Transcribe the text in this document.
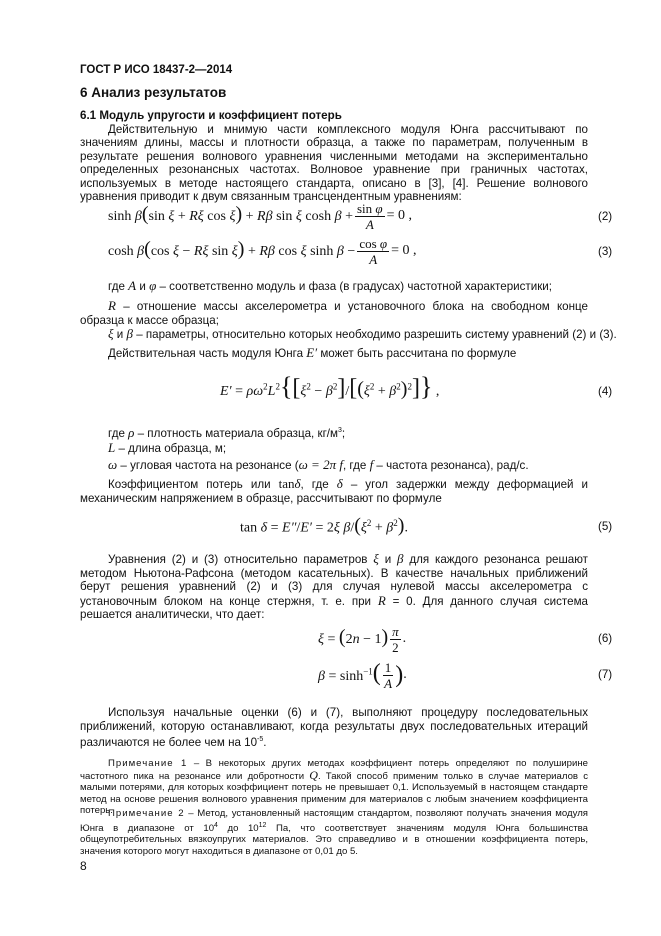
ГОСТ Р ИСО 18437-2—2014
6 Анализ результатов
6.1 Модуль упругости и коэффициент потерь
Действительную и мнимую части комплексного модуля Юнга рассчитывают по значениям длины, массы и плотности образца, а также по параметрам, полученным в результате решения волнового уравнения численными методами на экспериментально определенных резонансных частотах. Волновое уравнение при граничных частотах, используемых в методе настоящего стандарта, описано в [3], [4]. Решение волнового уравнения приводит к двум связанным трансцендентным уравнениям:
sinh β(sin ξ + Rξ cos ξ) + Rβ sin ξ $\cosh \beta + \frac{\text{sin φ}}{A} = 0$ ,	(2)
cosh β(cos ξ − Rξ sin ξ) + Rβ cos ξ $\sinh \beta - \frac{\text{cos φ}}{A} = 0$ ,	(3)
где A и φ – соответственно модуль и фаза (в градусах) частотной характеристики;
R – отношение массы акселерометра и установочного блока на свободном конце образца к массе образца;
ξ и β – параметры, относительно которых необходимо разрешить систему уравнений (2) и (3).
Действительная часть модуля Юнга E′ может быть рассчитана по формуле
$E' = \rho\omega^2L^2\{[\xi^2 - \beta^2]/[(\xi^2 + \beta^2)^2]\}$ ,	(4)
где ρ – плотность материала образца, $кг/м^3$;
L – длина образца, м;
ω – угловая частота на резонансе (ω = 2π f, где f – частота резонанса), рад/с.
Коэффициентом потерь или tanδ, где δ – угол задержки между деформацией и механическим напряжением в образце, рассчитывают по формуле
tan δ = E″/E′ = 2ξ $\beta/(\xi^2 + \beta^2)$.	(5)
Уравнения (2) и (3) относительно параметров ξ и β для каждого резонанса решают методом Ньютона-Рафсона (методом касательных). В качестве начальных приближений берут решения уравнений (2) и (3) для случая нулевой массы акселерометра с установочным блоком на конце стержня, т. е. при R = 0. Для данного случая система решается аналитически, что дает:
$\xi = (2n - 1) \frac{\pi}{2}$ .	(6)
$\beta = \sinh^{-1}( \frac{1}{A}$ ) .	(7)
Используя начальные оценки (6) и (7), выполняют процедуру последовательных приближений, которую останавливают, когда результаты двух последовательных итераций различаются не более чем на $10^{-5}$.
Примечание 1 – В некоторых других методах коэффициент потерь определяют по полуширине частотного пика на резонансе или добротности Q. Такой способ применим только в случае материалов с малыми потерями, для которых коэффициент потерь не превышает 0,1. Используемый в настоящем стандарте метод на основе решения волнового уравнения применим для материалов с любым значением коэффициента потерь.
Примечание 2 – Метод, установленный настоящим стандартом, позволяют получать значения модуля Юнга в диапазоне от $10^4$ до $10^{12}$ Па, что соответствует значениям модуля Юнга большинства общеупотребительных вязкоупругих материалов. Это справедливо и в отношении коэффициента потерь, значения которого могут находиться в диапазоне от 0,01 до 5.
8
